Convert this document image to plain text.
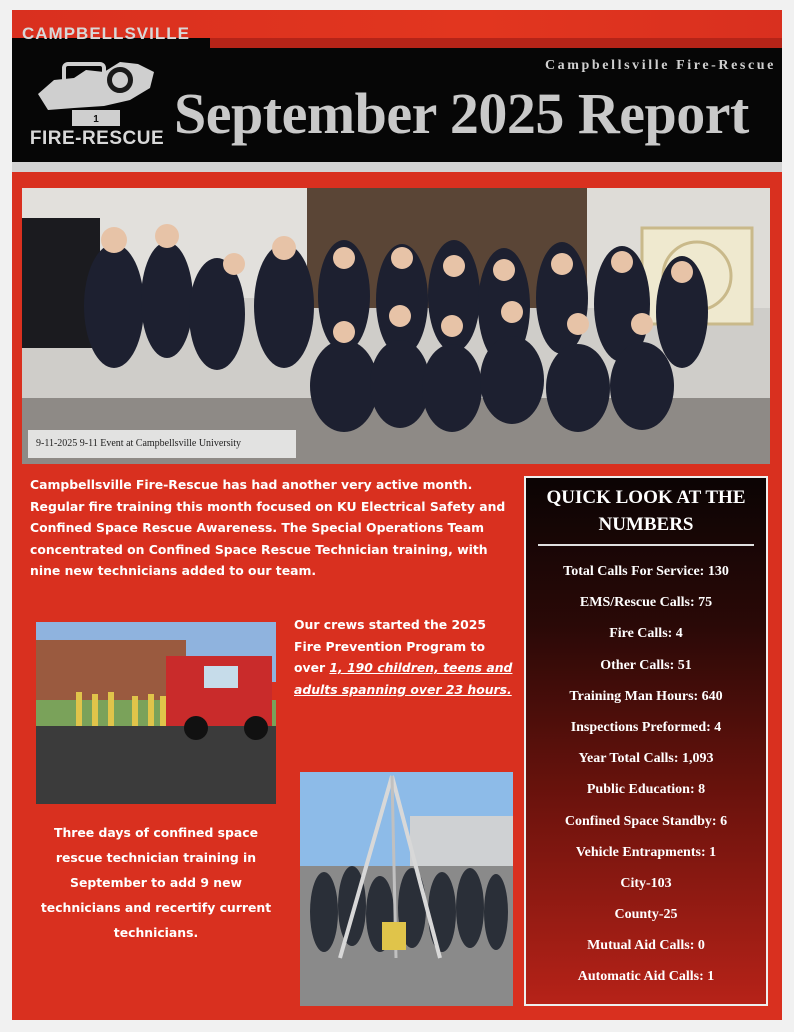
CAMPBELLSVILLE
1
FIRE-RESCUE
Campbellsville Fire-Rescue
September 2025 Report
9-11-2025 9-11 Event at Campbellsville University

Campbellsville Fire-Rescue has had another very active month. Regular fire training this month focused on KU Electrical Safety and Confined Space Rescue Awareness. The Special Operations Team concentrated on Confined Space Rescue Technician training, with nine new technicians added to our team.

Our crews started the 2025 Fire Prevention Program to over 1, 190 children, teens and adults spanning over 23 hours.

Three days of confined space rescue technician training in September to add 9 new technicians and recertify current technicians.

QUICK LOOK AT THE NUMBERS
Total Calls For Service: 130
EMS/Rescue Calls: 75
Fire Calls: 4
Other Calls: 51
Training Man Hours: 640
Inspections Preformed: 4
Year Total Calls: 1,093
Public Education: 8
Confined Space Standby: 6
Vehicle Entrapments: 1
City-103
County-25
Mutual Aid Calls: 0
Automatic Aid Calls: 1
